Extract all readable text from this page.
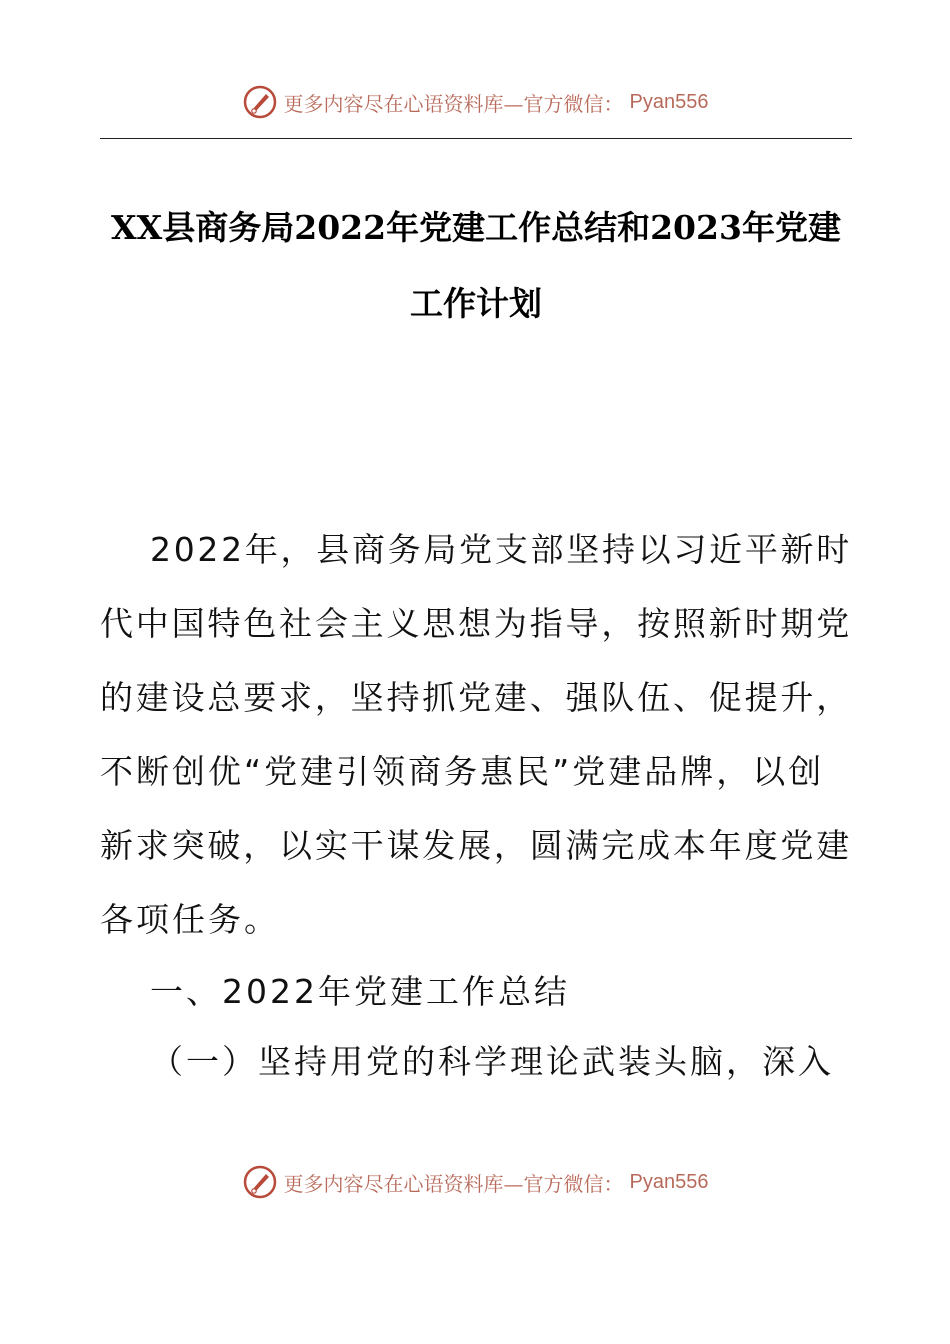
更多内容尽在心语资料库—官方微信： Pyan556
XX县商务局2022年党建工作总结和2023年党建
工作计划
2022年，县商务局党支部坚持以习近平新时
代中国特色社会主义思想为指导，按照新时期党
的建设总要求，坚持抓党建、强队伍、促提升，
不断创优“党建引领商务惠民”党建品牌，以创
新求突破，以实干谋发展，圆满完成本年度党建
各项任务。
一、2022年党建工作总结
（一）坚持用党的科学理论武装头脑，深入
更多内容尽在心语资料库—官方微信： Pyan556
